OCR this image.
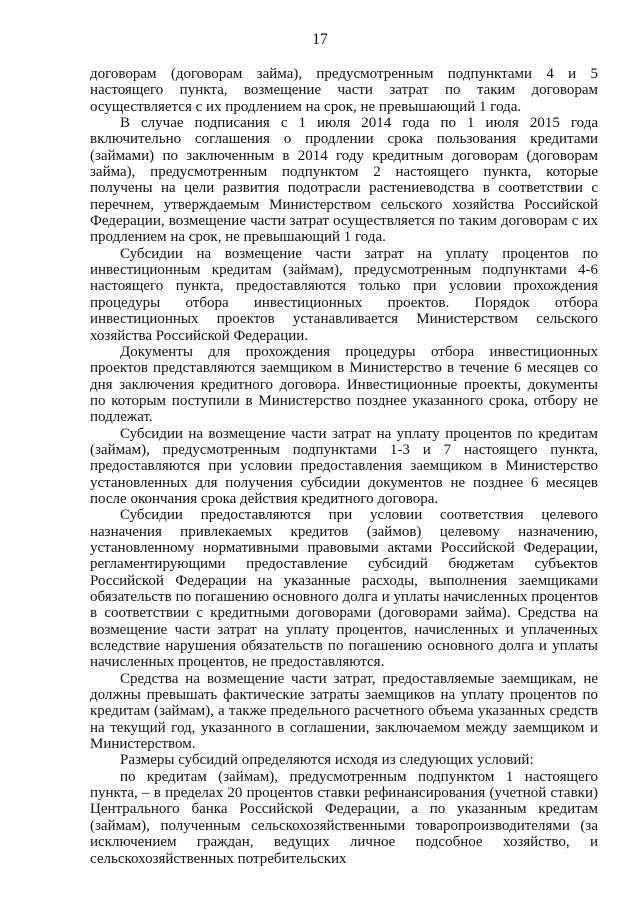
17

договорам (договорам займа), предусмотренным подпунктами 4 и 5 настоящего пункта, возмещение части затрат по таким договорам осуществляется с их продлением на срок, не превышающий 1 года.

В случае подписания с 1 июля 2014 года по 1 июля 2015 года включительно соглашения о продлении срока пользования кредитами (займами) по заключенным в 2014 году кредитным договорам (договорам займа), предусмотренным подпунктом 2 настоящего пункта, которые получены на цели развития подотрасли растениеводства в соответствии с перечнем, утверждаемым Министерством сельского хозяйства Российской Федерации, возмещение части затрат осуществляется по таким договорам с их продлением на срок, не превышающий 1 года.

Субсидии на возмещение части затрат на уплату процентов по инвестиционным кредитам (займам), предусмотренным подпунктами 4-6 настоящего пункта, предоставляются только при условии прохождения процедуры отбора инвестиционных проектов. Порядок отбора инвестиционных проектов устанавливается Министерством сельского хозяйства Российской Федерации.

Документы для прохождения процедуры отбора инвестиционных проектов представляются заемщиком в Министерство в течение 6 месяцев со дня заключения кредитного договора. Инвестиционные проекты, документы по которым поступили в Министерство позднее указанного срока, отбору не подлежат.

Субсидии на возмещение части затрат на уплату процентов по кредитам (займам), предусмотренным подпунктами 1-3 и 7 настоящего пункта, предоставляются при условии предоставления заемщиком в Министерство установленных для получения субсидии документов не позднее 6 месяцев после окончания срока действия кредитного договора.

Субсидии предоставляются при условии соответствия целевого назначения привлекаемых кредитов (займов) целевому назначению, установленному нормативными правовыми актами Российской Федерации, регламентирующими предоставление субсидий бюджетам субъектов Российской Федерации на указанные расходы, выполнения заемщиками обязательств по погашению основного долга и уплаты начисленных процентов в соответствии с кредитными договорами (договорами займа). Средства на возмещение части затрат на уплату процентов, начисленных и уплаченных вследствие нарушения обязательств по погашению основного долга и уплаты начисленных процентов, не предоставляются.

Средства на возмещение части затрат, предоставляемые заемщикам, не должны превышать фактические затраты заемщиков на уплату процентов по кредитам (займам), а также предельного расчетного объема указанных средств на текущий год, указанного в соглашении, заключаемом между заемщиком и Министерством.

Размеры субсидий определяются исходя из следующих условий:

по кредитам (займам), предусмотренным подпунктом 1 настоящего пункта, – в пределах 20 процентов ставки рефинансирования (учетной ставки) Центрального банка Российской Федерации, а по указанным кредитам (займам), полученным сельскохозяйственными товаропроизводителями (за исключением граждан, ведущих личное подсобное хозяйство, и сельскохозяйственных потребительских
